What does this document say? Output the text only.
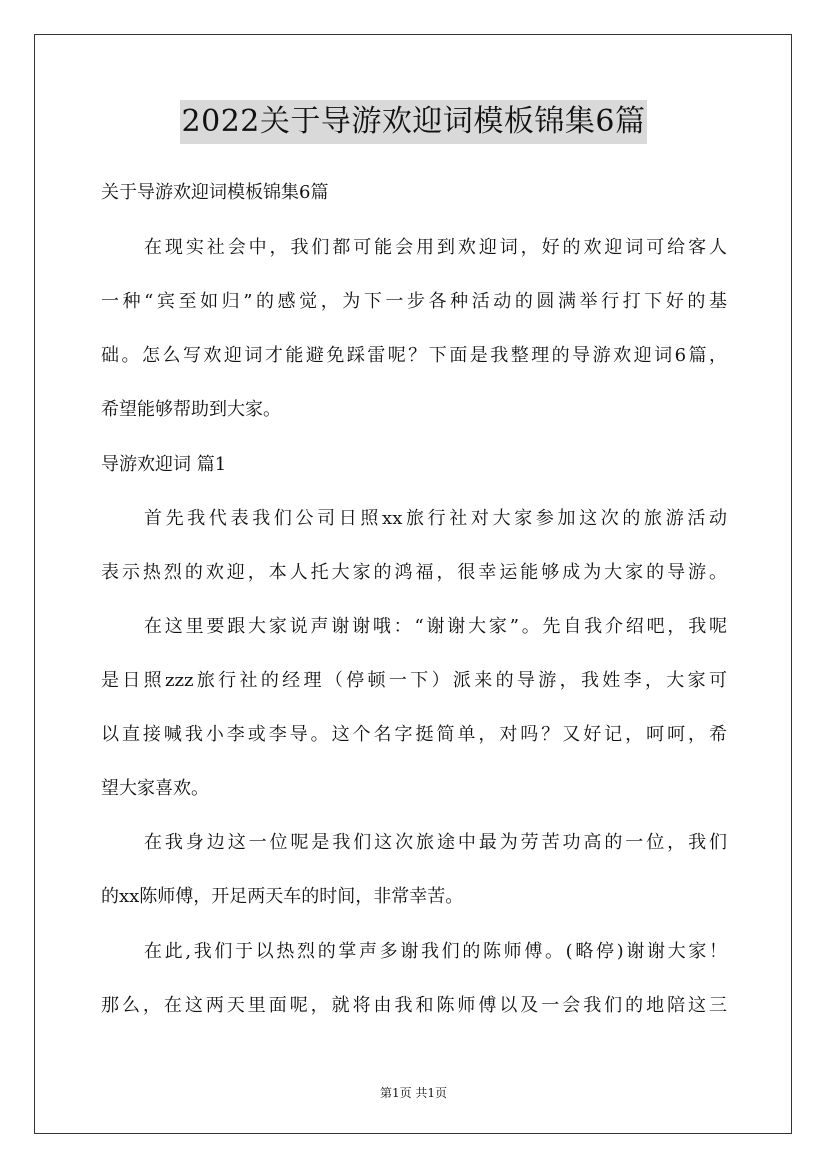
2022关于导游欢迎词模板锦集6篇
关于导游欢迎词模板锦集6篇
在现实社会中，我们都可能会用到欢迎词，好的欢迎词可给客人
一种“宾至如归”的感觉，为下一步各种活动的圆满举行打下好的基
础。怎么写欢迎词才能避免踩雷呢？下面是我整理的导游欢迎词6篇，
希望能够帮助到大家。
导游欢迎词 篇1
首先我代表我们公司日照xx旅行社对大家参加这次的旅游活动
表示热烈的欢迎，本人托大家的鸿福，很幸运能够成为大家的导游。
在这里要跟大家说声谢谢哦：“谢谢大家”。先自我介绍吧，我呢
是日照zzz旅行社的经理（停顿一下）派来的导游，我姓李，大家可
以直接喊我小李或李导。这个名字挺简单，对吗？又好记，呵呵，希
望大家喜欢。
在我身边这一位呢是我们这次旅途中最为劳苦功高的一位，我们
的xx陈师傅，开足两天车的时间，非常幸苦。
在此,我们于以热烈的掌声多谢我们的陈师傅。(略停)谢谢大家！
那么，在这两天里面呢，就将由我和陈师傅以及一会我们的地陪这三
第1页 共1页
